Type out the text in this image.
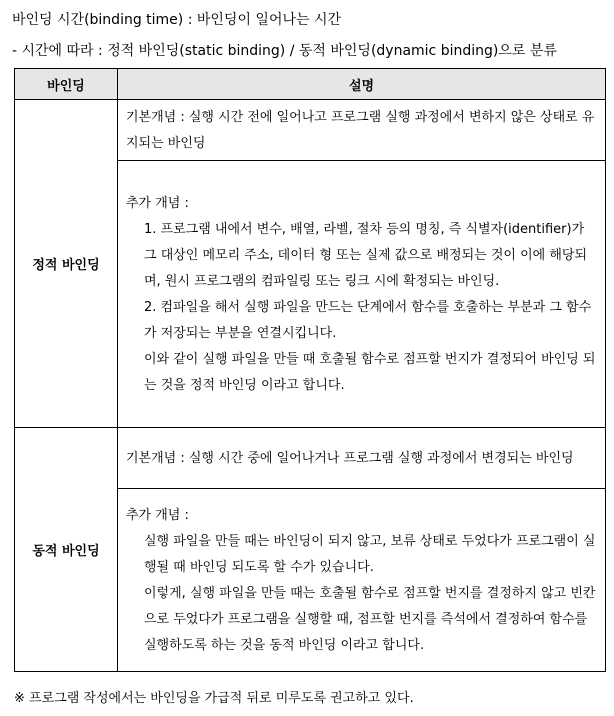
바인딩 시간(binding time) : 바인딩이 일어나는 시간
- 시간에 따라 : 정적 바인딩(static binding) / 동적 바인딩(dynamic binding)으로 분류
바인딩	설명
정적 바인딩	기본개념 : 실행 시간 전에 일어나고 프로그램 실행 과정에서 변하지 않은 상태로 유지되는 바인딩

	추가 개념 :

1. 프로그램 내에서 변수, 배열, 라벨, 절차 등의 명칭, 즉 식별자(identifier)가 그 대상인 메모리 주소, 데이터 형 또는 실제 값으로 배정되는 것이 이에 해당되며, 원시 프로그램의 컴파일링 또는 링크 시에 확정되는 바인딩.

2. 컴파일을 해서 실행 파일을 만드는 단계에서 함수를 호출하는 부분과 그 함수가 저장되는 부분을 연결시킵니다.

이와 같이 실행 파일을 만들 때 호출될 함수로 점프할 번지가 결정되어 바인딩 되는 것을 정적 바인딩 이라고 합니다.

동적 바인딩	기본개념 : 실행 시간 중에 일어나거나 프로그램 실행 과정에서 변경되는 바인딩

	추가 개념 :

실행 파일을 만들 때는 바인딩이 되지 않고, 보류 상태로 두었다가 프로그램이 실행될 때 바인딩 되도록 할 수가 있습니다.

이렇게, 실행 파일을 만들 때는 호출될 함수로 점프할 번지를 결정하지 않고 빈칸으로 두었다가 프로그램을 실행할 때, 점프할 번지를 즉석에서 결정하여 함수를 실행하도록 하는 것을 동적 바인딩 이라고 합니다.

※ 프로그램 작성에서는 바인딩을 가급적 뒤로 미루도록 권고하고 있다.
